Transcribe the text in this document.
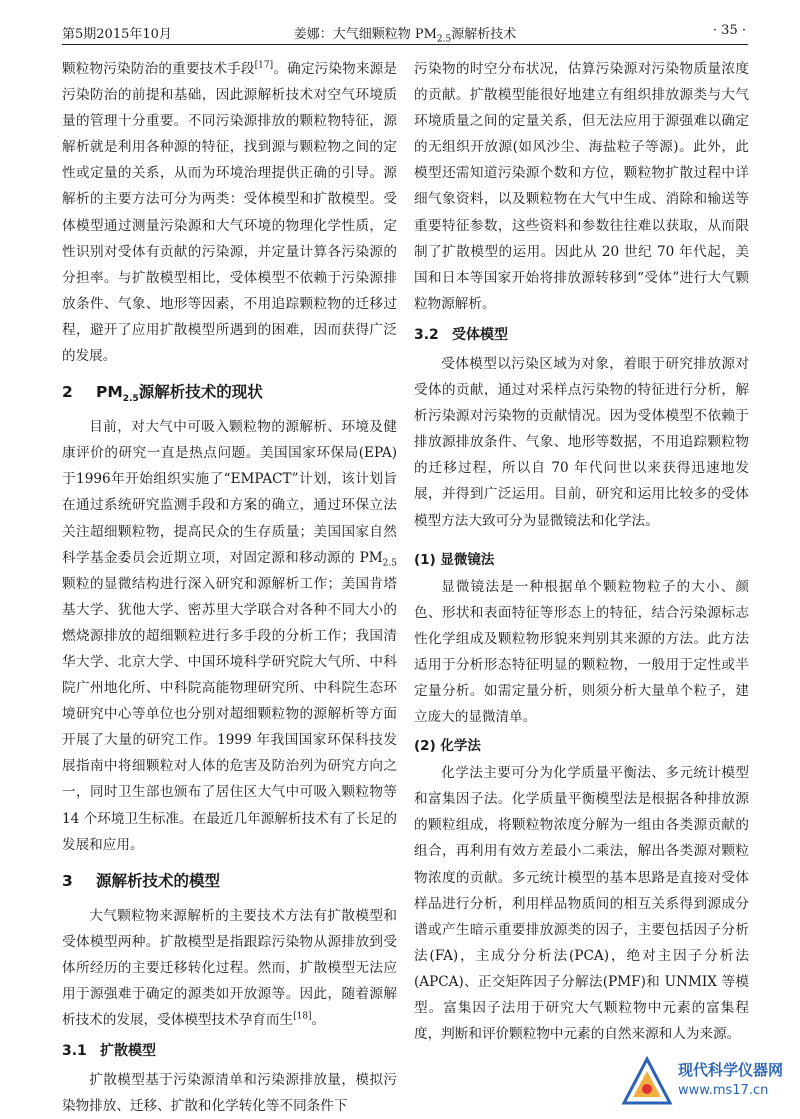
第5期2015年10月	姜娜：大气细颗粒物 $PM_{2.5}$源解析技术	· 35 ·

颗粒物污染防治的重要技术手段[17]。确定污染物来源是污染防治的前提和基础，因此源解析技术对空气环境质量的管理十分重要。不同污染源排放的颗粒物特征，源解析就是利用各种源的特征，找到源与颗粒物之间的定性或定量的关系，从而为环境治理提供正确的引导。源解析的主要方法可分为两类：受体模型和扩散模型。受体模型通过测量污染源和大气环境的物理化学性质，定性识别对受体有贡献的污染源，并定量计算各污染源的分担率。与扩散模型相比，受体模型不依赖于污染源排放条件、气象、地形等因素，不用追踪颗粒物的迁移过程，避开了应用扩散模型所遇到的困难，因而获得广泛的发展。

2 $PM_{2.5}$源解析技术的现状

目前，对大气中可吸入颗粒物的源解析、环境及健康评价的研究一直是热点问题。美国国家环保局(EPA)于1996年开始组织实施了“EMPACT”计划，该计划旨在通过系统研究监测手段和方案的确立，通过环保立法关注超细颗粒物，提高民众的生存质量；美国国家自然科学基金委员会近期立项，对固定源和移动源的 $PM_{2.5}$颗粒的显微结构进行深入研究和源解析工作；美国肯塔基大学、犹他大学、密苏里大学联合对各种不同大小的燃烧源排放的超细颗粒进行多手段的分析工作；我国清华大学、北京大学、中国环境科学研究院大气所、中科院广州地化所、中科院高能物理研究所、中科院生态环境研究中心等单位也分别对超细颗粒物的源解析等方面开展了大量的研究工作。1999 年我国国家环保科技发展指南中将细颗粒对人体的危害及防治列为研究方向之一，同时卫生部也颁布了居住区大气中可吸入颗粒物等 14 个环境卫生标准。在最近几年源解析技术有了长足的发展和应用。

3 源解析技术的模型

大气颗粒物来源解析的主要技术方法有扩散模型和受体模型两种。扩散模型是指跟踪污染物从源排放到受体所经历的主要迁移转化过程。然而，扩散模型无法应用于源强难于确定的源类如开放源等。因此，随着源解析技术的发展，受体模型技术孕育而生[18]。

3.1 扩散模型

扩散模型基于污染源清单和污染源排放量，模拟污染物排放、迁移、扩散和化学转化等不同条件下

污染物的时空分布状况，估算污染源对污染物质量浓度的贡献。扩散模型能很好地建立有组织排放源类与大气环境质量之间的定量关系，但无法应用于源强难以确定的无组织开放源(如风沙尘、海盐粒子等源)。此外，此模型还需知道污染源个数和方位，颗粒物扩散过程中详细气象资料，以及颗粒物在大气中生成、消除和输送等重要特征参数，这些资料和参数往往难以获取，从而限制了扩散模型的运用。因此从 20 世纪 70 年代起，美国和日本等国家开始将排放源转移到“受体”进行大气颗粒物源解析。

3.2 受体模型

受体模型以污染区域为对象，着眼于研究排放源对受体的贡献，通过对采样点污染物的特征进行分析，解析污染源对污染物的贡献情况。因为受体模型不依赖于排放源排放条件、气象、地形等数据，不用追踪颗粒物的迁移过程，所以自 70 年代问世以来获得迅速地发展，并得到广泛运用。目前，研究和运用比较多的受体模型方法大致可分为显微镜法和化学法。

(1) 显微镜法

显微镜法是一种根据单个颗粒物粒子的大小、颜色、形状和表面特征等形态上的特征，结合污染源标志性化学组成及颗粒物形貌来判别其来源的方法。此方法适用于分析形态特征明显的颗粒物，一般用于定性或半定量分析。如需定量分析，则须分析大量单个粒子，建立庞大的显微清单。

(2) 化学法

化学法主要可分为化学质量平衡法、多元统计模型和富集因子法。化学质量平衡模型法是根据各种排放源的颗粒组成，将颗粒物浓度分解为一组由各类源贡献的组合，再利用有效方差最小二乘法，解出各类源对颗粒物浓度的贡献。多元统计模型的基本思路是直接对受体样品进行分析，利用样品物质间的相互关系得到源成分谱或产生暗示重要排放源类的因子，主要包括因子分析法(FA)，主成分分析法(PCA)，绝对主因子分析法(APCA)、正交矩阵因子分解法(PMF)和 UNMIX 等模型。富集因子法用于研究大气颗粒物中元素的富集程度，判断和评价颗粒物中元素的自然来源和人为来源。

现代科学仪器网
www.ms17.cn
